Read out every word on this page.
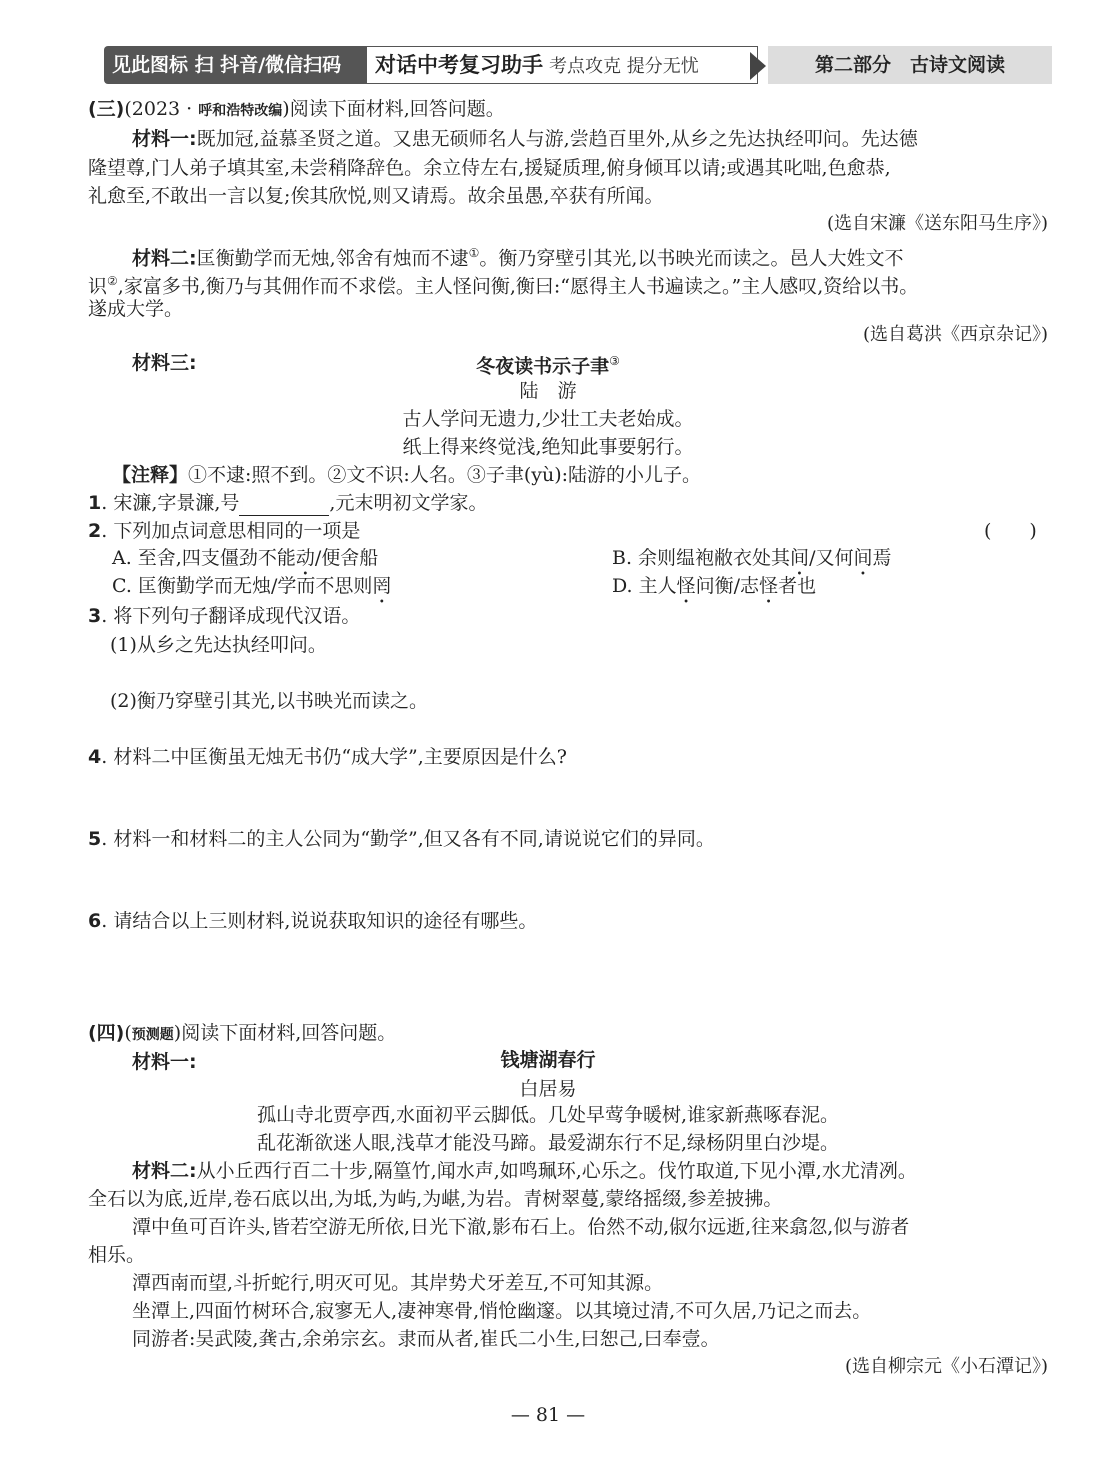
见此图标 扫 抖音/微信扫码	对话中考复习助手 考点攻克 提分无忧	第二部分　古诗文阅读
(三)(2023 · 呼和浩特改编)阅读下面材料,回答问题。
材料一:既加冠,益慕圣贤之道。又患无硕师名人与游,尝趋百里外,从乡之先达执经叩问。先达德
隆望尊,门人弟子填其室,未尝稍降辞色。余立侍左右,援疑质理,俯身倾耳以请;或遇其叱咄,色愈恭,
礼愈至,不敢出一言以复;俟其欣悦,则又请焉。故余虽愚,卒获有所闻。
(选自宋濂《送东阳马生序》)
材料二:匡衡勤学而无烛,邻舍有烛而不逮①。衡乃穿壁引其光,以书映光而读之。邑人大姓文不
识②,家富多书,衡乃与其佣作而不求偿。主人怪问衡,衡曰:“愿得主人书遍读之。”主人感叹,资给以书。
遂成大学。
(选自葛洪《西京杂记》)
材料三:	冬夜读书示子聿③
陆　游
古人学问无遗力,少壮工夫老始成。
纸上得来终觉浅,绝知此事要躬行。
【注释】①不逮:照不到。②文不识:人名。③子聿(yù):陆游的小儿子。
1. 宋濂,字景濂,号	,元末明初文学家。
2. 下列加点词意思相同的一项是	(　　)
A. 至舍,四支僵劲不能动/便舍船	B. 余则缊袍敝衣处其间/又何间焉
C. 匡衡勤学而无烛/学而不思则罔	D. 主人怪问衡/志怪者也
3. 将下列句子翻译成现代汉语。
(1)从乡之先达执经叩问。
(2)衡乃穿壁引其光,以书映光而读之。
4. 材料二中匡衡虽无烛无书仍“成大学”,主要原因是什么?
5. 材料一和材料二的主人公同为“勤学”,但又各有不同,请说说它们的异同。
6. 请结合以上三则材料,说说获取知识的途径有哪些。
(四)(预测题)阅读下面材料,回答问题。
材料一:	钱塘湖春行
白居易
孤山寺北贾亭西,水面初平云脚低。几处早莺争暖树,谁家新燕啄春泥。
乱花渐欲迷人眼,浅草才能没马蹄。最爱湖东行不足,绿杨阴里白沙堤。
材料二:从小丘西行百二十步,隔篁竹,闻水声,如鸣珮环,心乐之。伐竹取道,下见小潭,水尤清冽。
全石以为底,近岸,卷石底以出,为坻,为屿,为嵁,为岩。青树翠蔓,蒙络摇缀,参差披拂。
潭中鱼可百许头,皆若空游无所依,日光下澈,影布石上。佁然不动,俶尔远逝,往来翕忽,似与游者
相乐。
潭西南而望,斗折蛇行,明灭可见。其岸势犬牙差互,不可知其源。
坐潭上,四面竹树环合,寂寥无人,凄神寒骨,悄怆幽邃。以其境过清,不可久居,乃记之而去。
同游者:吴武陵,龚古,余弟宗玄。隶而从者,崔氏二小生,曰恕己,曰奉壹。
(选自柳宗元《小石潭记》)
— 81 —
